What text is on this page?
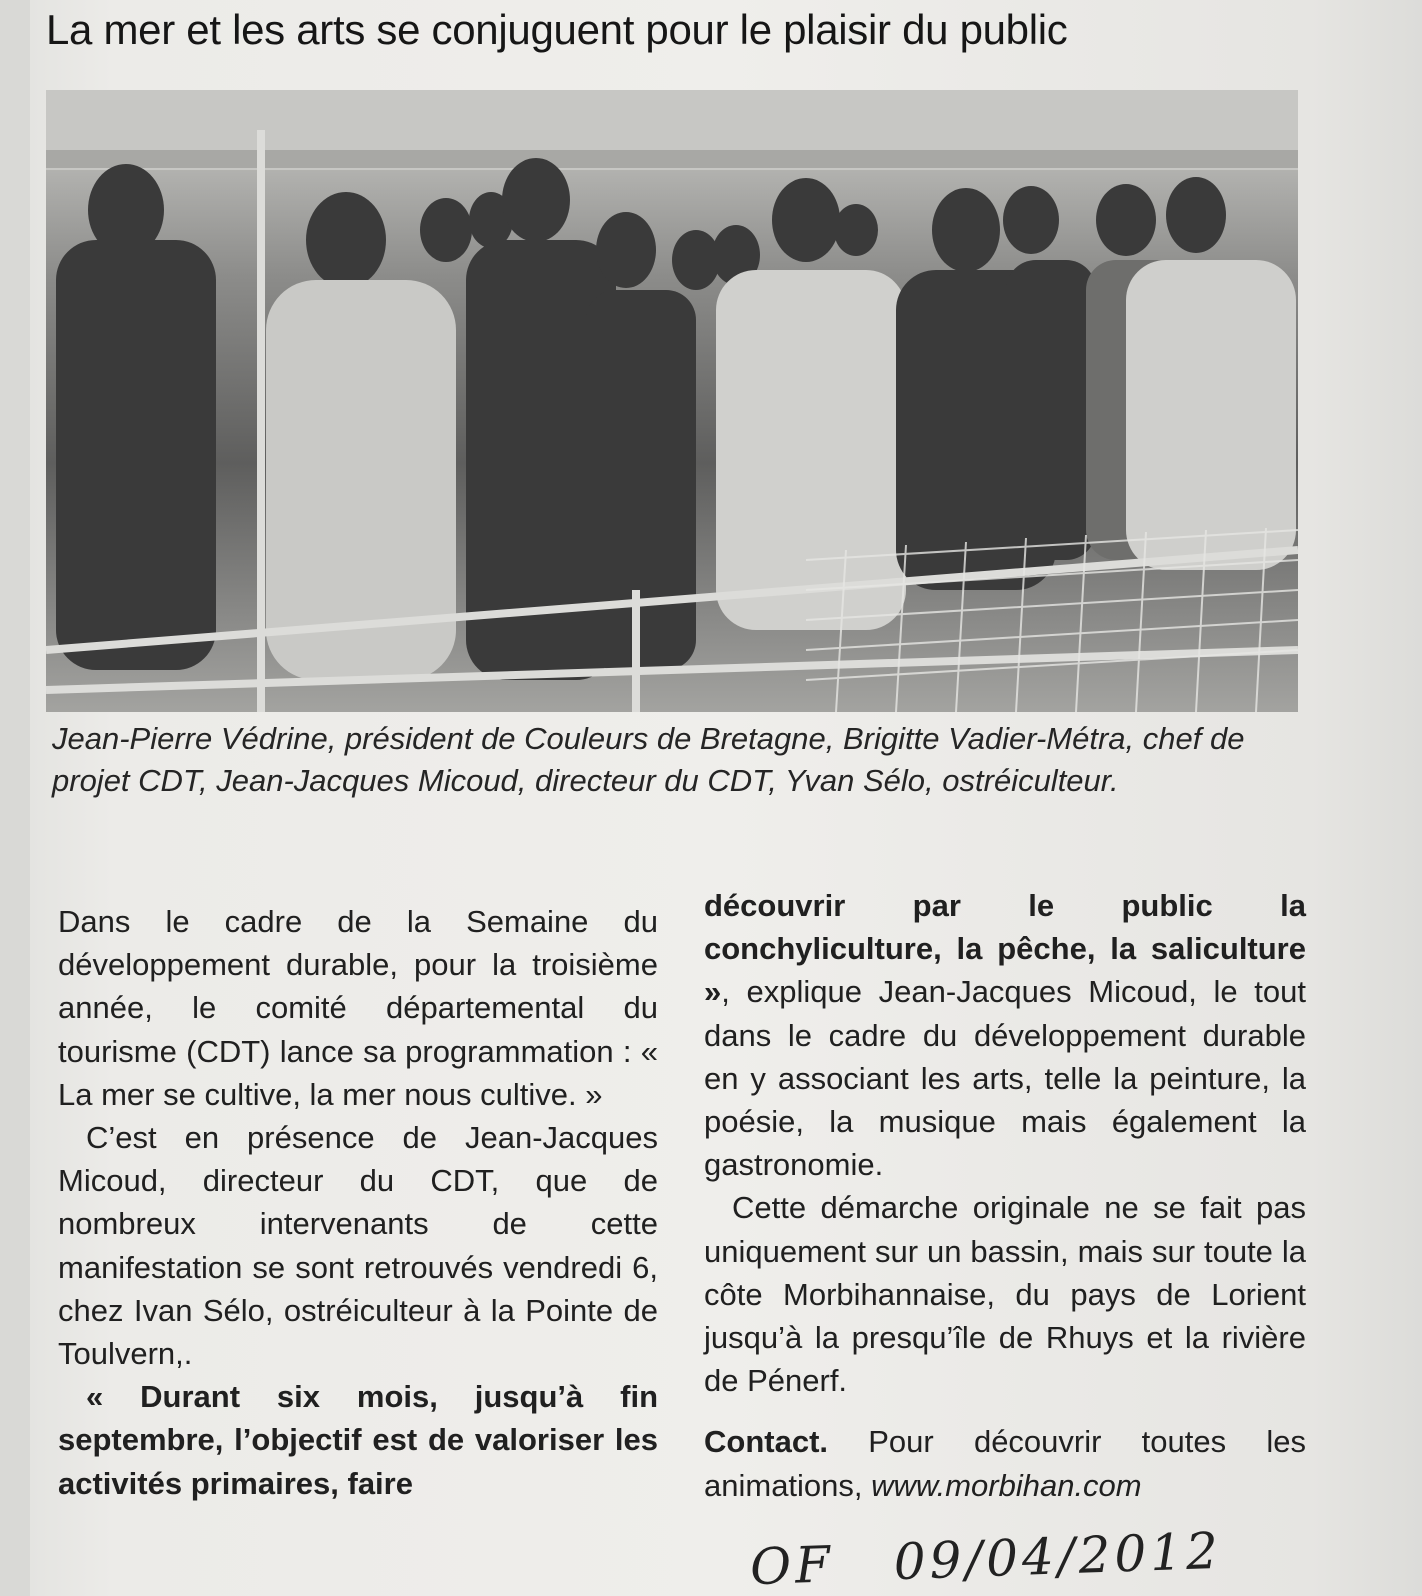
La mer et les arts se conjuguent pour le plaisir du public

Jean-Pierre Védrine, président de Couleurs de Bretagne, Brigitte Vadier-Métra, chef de projet CDT, Jean-Jacques Micoud, directeur du CDT, Yvan Sélo, ostréiculteur.

Dans le cadre de la Semaine du développement durable, pour la troisième année, le comité départemental du tourisme (CDT) lance sa programmation : « La mer se cultive, la mer nous cultive. »

C’est en présence de Jean-Jacques Micoud, directeur du CDT, que de nombreux intervenants de cette manifestation se sont retrouvés vendredi 6, chez Ivan Sélo, ostréiculteur à la Pointe de Toulvern,.

« Durant six mois, jusqu’à fin septembre, l’objectif est de valoriser les activités primaires, faire

découvrir par le public la conchyliculture, la pêche, la saliculture », explique Jean-Jacques Micoud, le tout dans le cadre du développement durable en y associant les arts, telle la peinture, la poésie, la musique mais également la gastronomie.

Cette démarche originale ne se fait pas uniquement sur un bassin, mais sur toute la côte Morbihannaise, du pays de Lorient jusqu’à la presqu’île de Rhuys et la rivière de Pénerf.

Contact. Pour découvrir toutes les animations, www.morbihan.com

OF 09/04/2012
